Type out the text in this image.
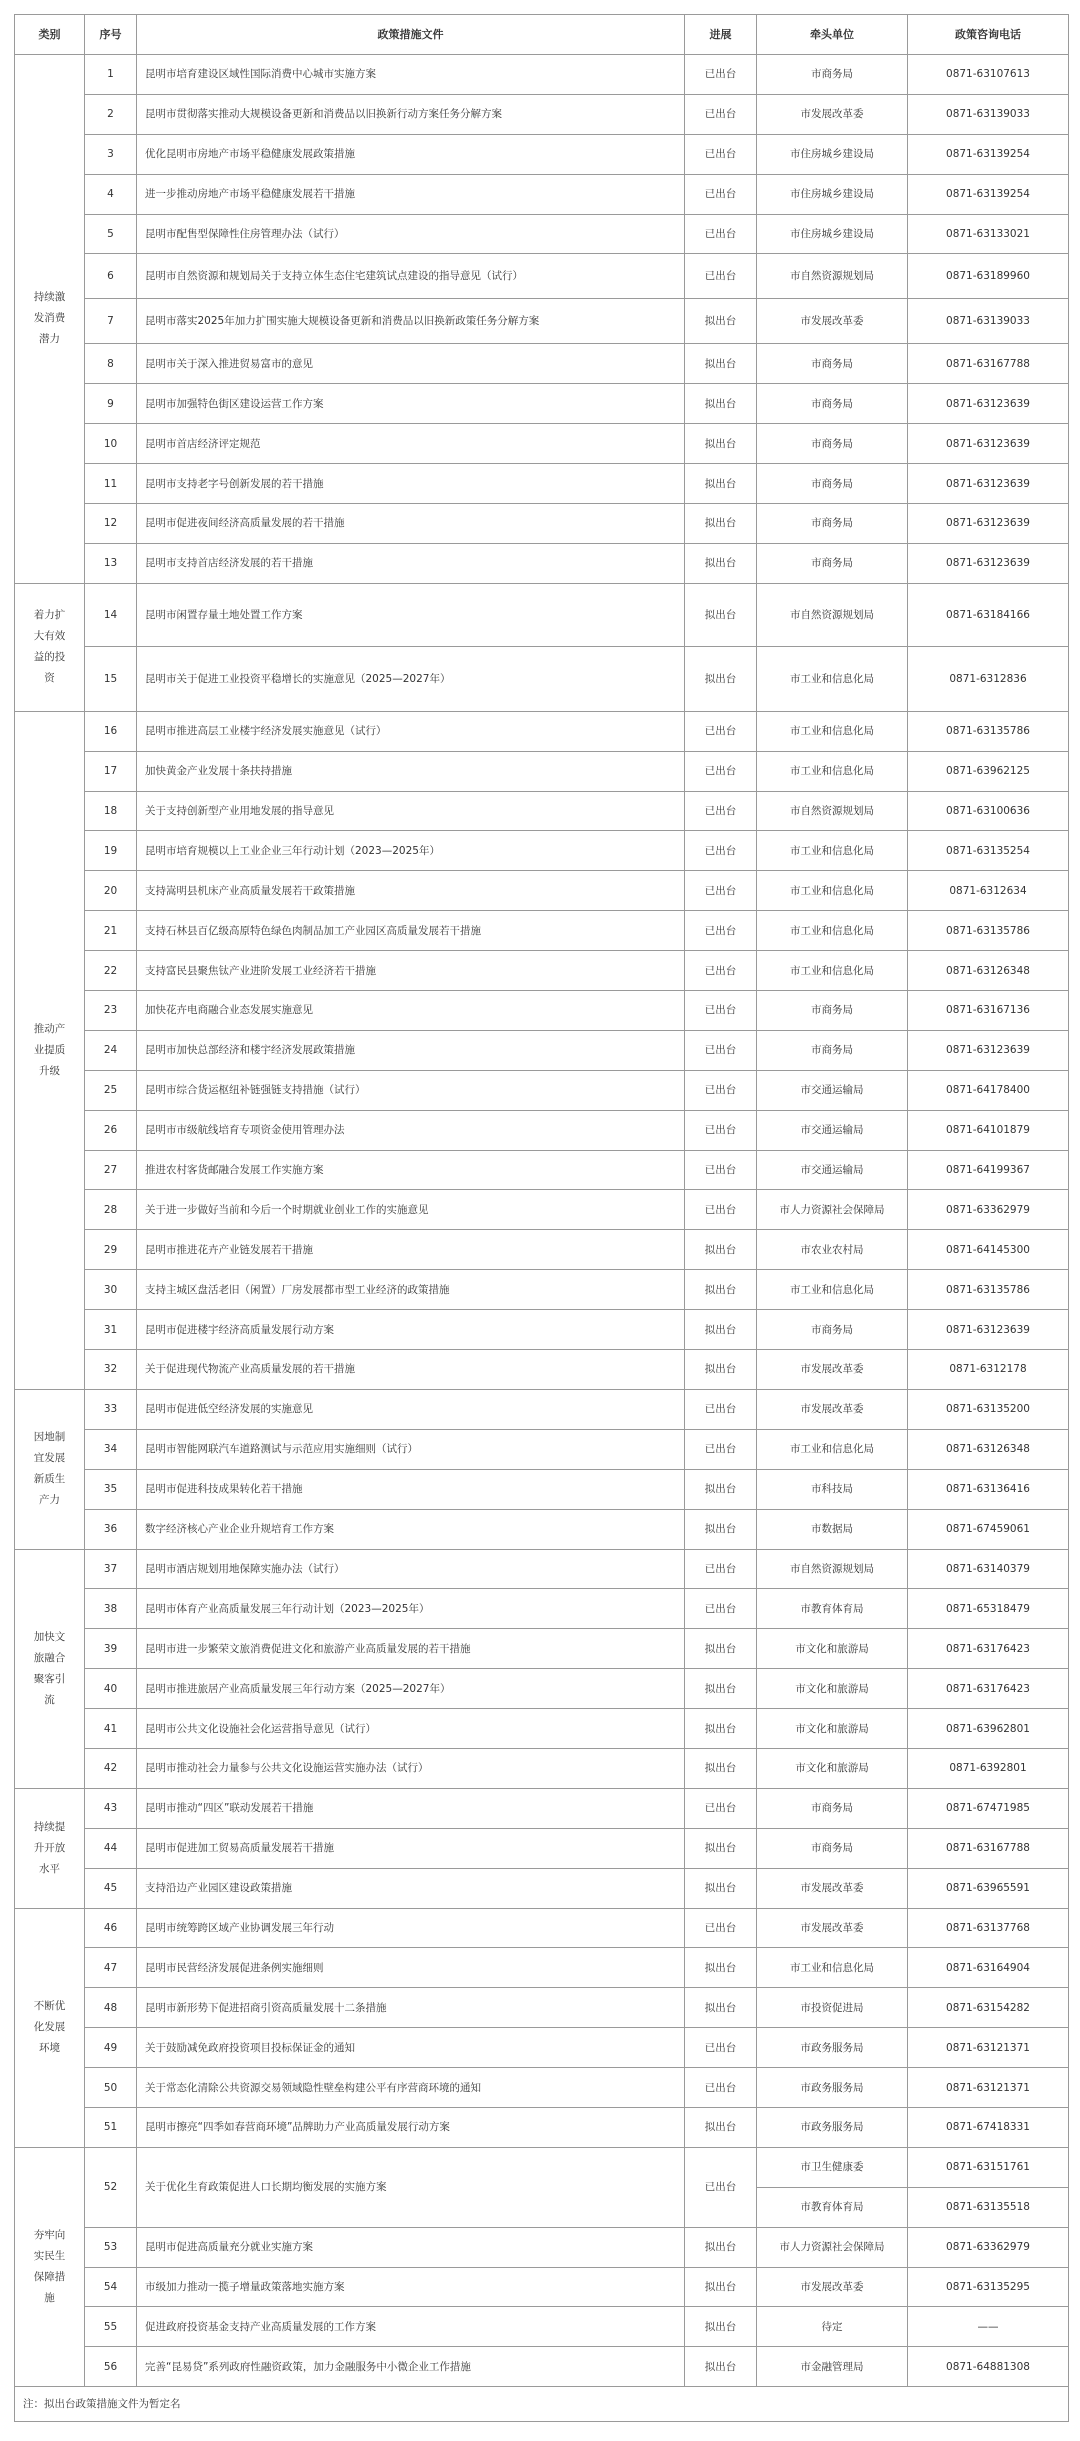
类别	序号	政策措施文件	进展	牵头单位	政策咨询电话
持续激发消费潜力	1	昆明市培育建设区域性国际消费中心城市实施方案	已出台	市商务局	0871-63107613
	2	昆明市贯彻落实推动大规模设备更新和消费品以旧换新行动方案任务分解方案	已出台	市发展改革委	0871-63139033
	3	优化昆明市房地产市场平稳健康发展政策措施	已出台	市住房城乡建设局	0871-63139254
	4	进一步推动房地产市场平稳健康发展若干措施	已出台	市住房城乡建设局	0871-63139254
	5	昆明市配售型保障性住房管理办法（试行）	已出台	市住房城乡建设局	0871-63133021
	6	昆明市自然资源和规划局关于支持立体生态住宅建筑试点建设的指导意见（试行）	已出台	市自然资源规划局	0871-63189960
	7	昆明市落实2025年加力扩围实施大规模设备更新和消费品以旧换新政策任务分解方案	拟出台	市发展改革委	0871-63139033
	8	昆明市关于深入推进贸易富市的意见	拟出台	市商务局	0871-63167788
	9	昆明市加强特色街区建设运营工作方案	拟出台	市商务局	0871-63123639
	10	昆明市首店经济评定规范	拟出台	市商务局	0871-63123639
	11	昆明市支持老字号创新发展的若干措施	拟出台	市商务局	0871-63123639
	12	昆明市促进夜间经济高质量发展的若干措施	拟出台	市商务局	0871-63123639
	13	昆明市支持首店经济发展的若干措施	拟出台	市商务局	0871-63123639
着力扩大有效益的投资	14	昆明市闲置存量土地处置工作方案	拟出台	市自然资源规划局	0871-63184166
	15	昆明市关于促进工业投资平稳增长的实施意见（2025—2027年）	拟出台	市工业和信息化局	0871-6312836
推动产业提质升级	16	昆明市推进高层工业楼宇经济发展实施意见（试行）	已出台	市工业和信息化局	0871-63135786
	17	加快黄金产业发展十条扶持措施	已出台	市工业和信息化局	0871-63962125
	18	关于支持创新型产业用地发展的指导意见	已出台	市自然资源规划局	0871-63100636
	19	昆明市培育规模以上工业企业三年行动计划（2023—2025年）	已出台	市工业和信息化局	0871-63135254
	20	支持嵩明县机床产业高质量发展若干政策措施	已出台	市工业和信息化局	0871-6312634
	21	支持石林县百亿级高原特色绿色肉制品加工产业园区高质量发展若干措施	已出台	市工业和信息化局	0871-63135786
	22	支持富民县聚焦钛产业进阶发展工业经济若干措施	已出台	市工业和信息化局	0871-63126348
	23	加快花卉电商融合业态发展实施意见	已出台	市商务局	0871-63167136
	24	昆明市加快总部经济和楼宇经济发展政策措施	已出台	市商务局	0871-63123639
	25	昆明市综合货运枢纽补链强链支持措施（试行）	已出台	市交通运输局	0871-64178400
	26	昆明市市级航线培育专项资金使用管理办法	已出台	市交通运输局	0871-64101879
	27	推进农村客货邮融合发展工作实施方案	已出台	市交通运输局	0871-64199367
	28	关于进一步做好当前和今后一个时期就业创业工作的实施意见	已出台	市人力资源社会保障局	0871-63362979
	29	昆明市推进花卉产业链发展若干措施	拟出台	市农业农村局	0871-64145300
	30	支持主城区盘活老旧（闲置）厂房发展都市型工业经济的政策措施	拟出台	市工业和信息化局	0871-63135786
	31	昆明市促进楼宇经济高质量发展行动方案	拟出台	市商务局	0871-63123639
	32	关于促进现代物流产业高质量发展的若干措施	拟出台	市发展改革委	0871-6312178
因地制宜发展新质生产力	33	昆明市促进低空经济发展的实施意见	已出台	市发展改革委	0871-63135200
	34	昆明市智能网联汽车道路测试与示范应用实施细则（试行）	已出台	市工业和信息化局	0871-63126348
	35	昆明市促进科技成果转化若干措施	拟出台	市科技局	0871-63136416
	36	数字经济核心产业企业升规培育工作方案	拟出台	市数据局	0871-67459061
加快文旅融合聚客引流	37	昆明市酒店规划用地保障实施办法（试行）	已出台	市自然资源规划局	0871-63140379
	38	昆明市体育产业高质量发展三年行动计划（2023—2025年）	已出台	市教育体育局	0871-65318479
	39	昆明市进一步繁荣文旅消费促进文化和旅游产业高质量发展的若干措施	拟出台	市文化和旅游局	0871-63176423
	40	昆明市推进旅居产业高质量发展三年行动方案（2025—2027年）	拟出台	市文化和旅游局	0871-63176423
	41	昆明市公共文化设施社会化运营指导意见（试行）	拟出台	市文化和旅游局	0871-63962801
	42	昆明市推动社会力量参与公共文化设施运营实施办法（试行）	拟出台	市文化和旅游局	0871-6392801
持续提升开放水平	43	昆明市推动“四区”联动发展若干措施	已出台	市商务局	0871-67471985
	44	昆明市促进加工贸易高质量发展若干措施	拟出台	市商务局	0871-63167788
	45	支持沿边产业园区建设政策措施	拟出台	市发展改革委	0871-63965591
不断优化发展环境	46	昆明市统筹跨区域产业协调发展三年行动	已出台	市发展改革委	0871-63137768
	47	昆明市民营经济发展促进条例实施细则	拟出台	市工业和信息化局	0871-63164904
	48	昆明市新形势下促进招商引资高质量发展十二条措施	拟出台	市投资促进局	0871-63154282
	49	关于鼓励减免政府投资项目投标保证金的通知	已出台	市政务服务局	0871-63121371
	50	关于常态化清除公共资源交易领域隐性壁垒构建公平有序营商环境的通知	已出台	市政务服务局	0871-63121371
	51	昆明市擦亮“四季如春营商环境”品牌助力产业高质量发展行动方案	拟出台	市政务服务局	0871-67418331
夯牢向实民生保障措施	52	关于优化生育政策促进人口长期均衡发展的实施方案	已出台	市卫生健康委	0871-63151761
				市教育体育局	0871-63135518
	53	昆明市促进高质量充分就业实施方案	拟出台	市人力资源社会保障局	0871-63362979
	54	市级加力推动一揽子增量政策落地实施方案	拟出台	市发展改革委	0871-63135295
	55	促进政府投资基金支持产业高质量发展的工作方案	拟出台	待定	——
	56	完善“昆易贷”系列政府性融资政策，加力金融服务中小微企业工作措施	拟出台	市金融管理局	0871-64881308
注：拟出台政策措施文件为暂定名					
